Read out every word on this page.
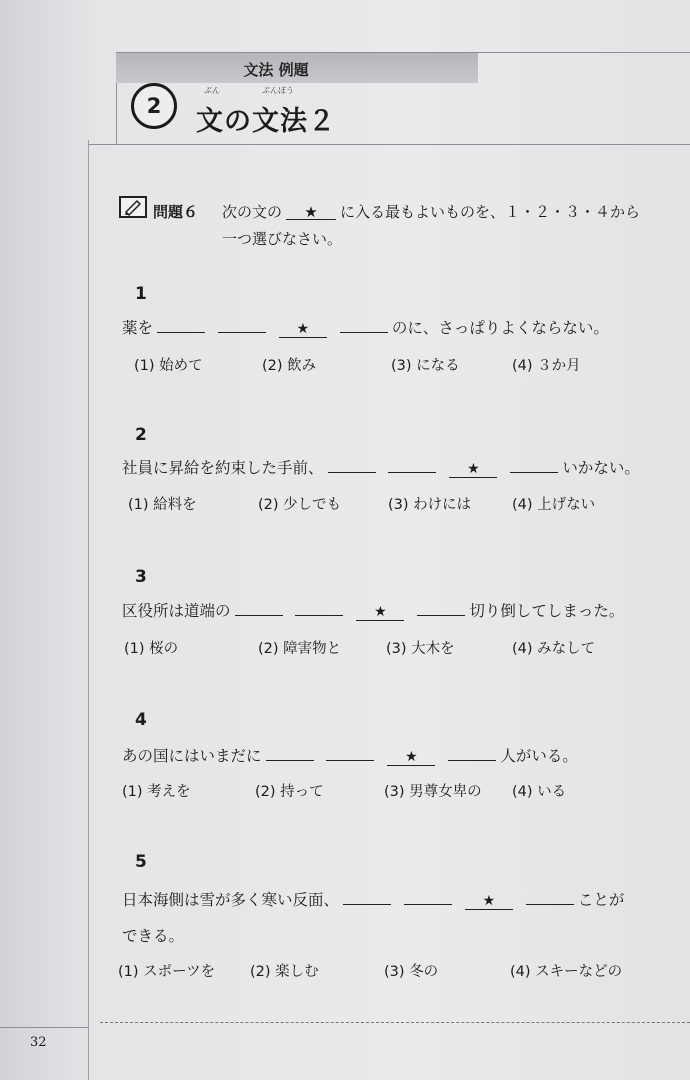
文法 例題
2
ぶん	ぶんぽう
文の文法２
問題６ 次の文の ★ に入る最もよいものを、１・２・３・４から
一つ選びなさい。
1
薬を	★	のに、さっぱりよくならない。
(1) 始めて	(2) 飲み	(3) になる	(4) ３か月
2
社員に昇給を約束した手前、	★	いかない。
(1) 給料を	(2) 少しでも	(3) わけには	(4) 上げない
3
区役所は道端の	★	切り倒してしまった。
(1) 桜の	(2) 障害物と	(3) 大木を	(4) みなして
4
あの国にはいまだに	★	人がいる。
(1) 考えを	(2) 持って	(3) 男尊女卑の (4) いる
5
日本海側は雪が多く寒い反面、	★	ことが
できる。
(1) スポーツを (2) 楽しむ	(3) 冬の	(4) スキーなどの
32
